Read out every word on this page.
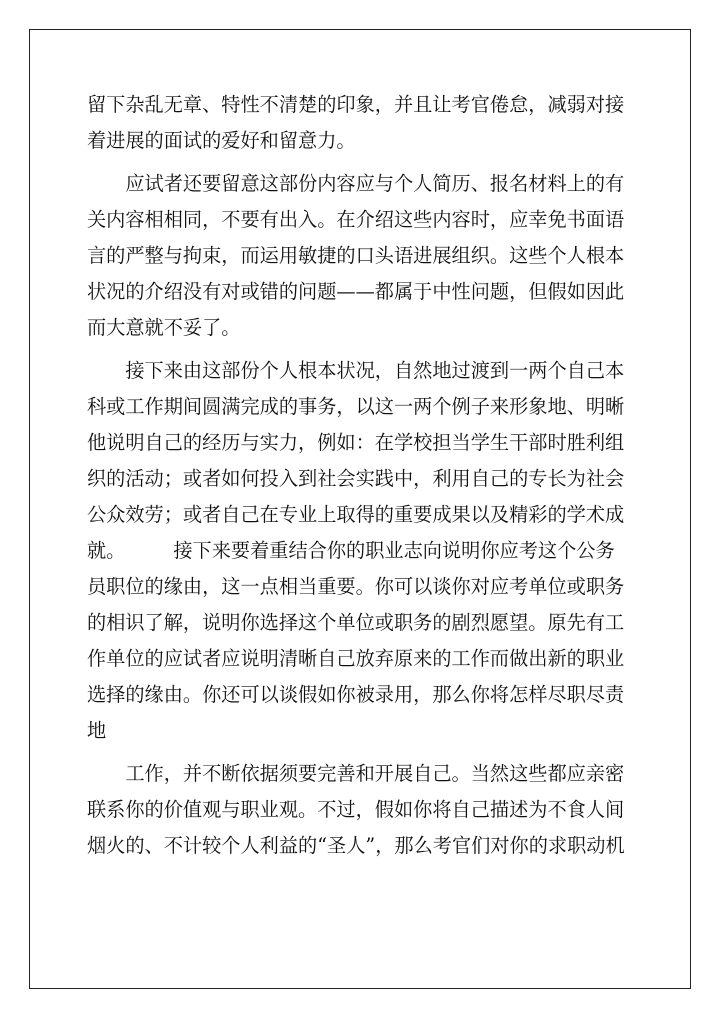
留下杂乱无章、特性不清楚的印象，并且让考官倦怠，减弱对接
着进展的面试的爱好和留意力。
　　应试者还要留意这部份内容应与个人简历、报名材料上的有
关内容相相同，不要有出入。在介绍这些内容时，应幸免书面语
言的严整与拘束，而运用敏捷的口头语进展组织。这些个人根本
状况的介绍没有对或错的问题——都属于中性问题，但假如因此
而大意就不妥了。
　　接下来由这部份个人根本状况，自然地过渡到一两个自己本
科或工作期间圆满完成的事务，以这一两个例子来形象地、明晰
他说明自己的经历与实力，例如：在学校担当学生干部时胜利组
织的活动；或者如何投入到社会实践中，利用自己的专长为社会
公众效劳；或者自己在专业上取得的重要成果以及精彩的学术成
就。　　　接下来要着重结合你的职业志向说明你应考这个公务
员职位的缘由，这一点相当重要。你可以谈你对应考单位或职务
的相识了解，说明你选择这个单位或职务的剧烈愿望。原先有工
作单位的应试者应说明清晰自己放弃原来的工作而做出新的职业
选择的缘由。你还可以谈假如你被录用，那么你将怎样尽职尽责
地
　　工作，并不断依据须要完善和开展自己。当然这些都应亲密
联系你的价值观与职业观。不过，假如你将自己描述为不食人间
烟火的、不计较个人利益的“圣人”，那么考官们对你的求职动机
